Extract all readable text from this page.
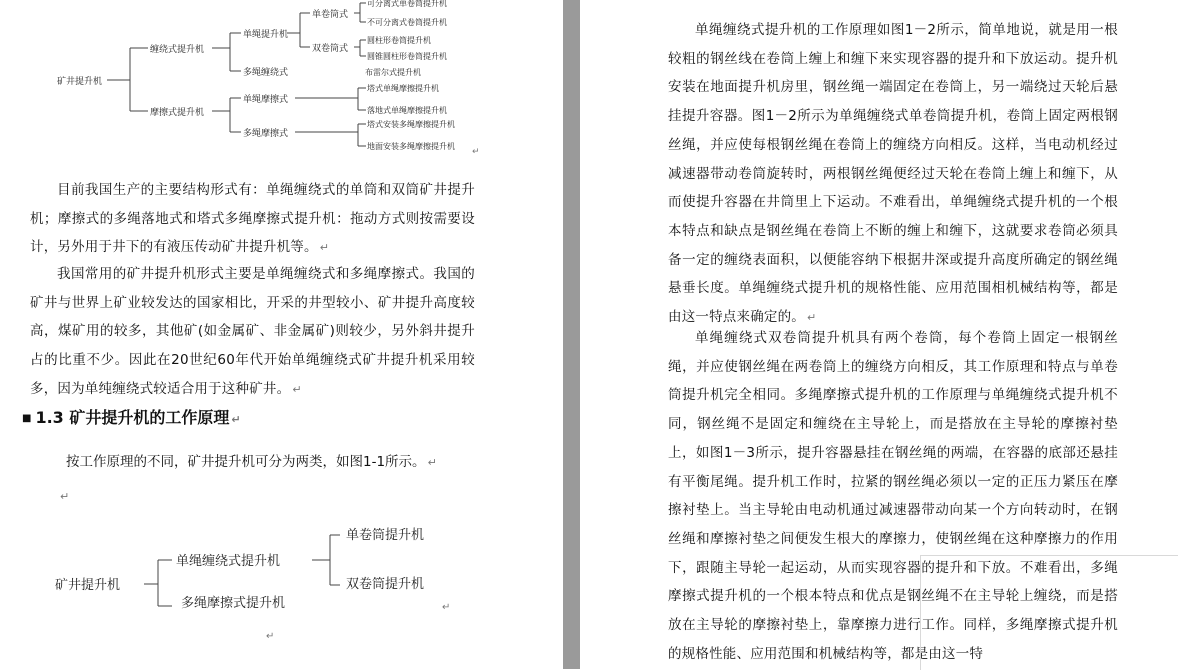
矿井提升机
缠绕式提升机
摩擦式提升机
单绳提升机
多绳缠绕式
单卷筒式
双卷筒式
可分离式单卷筒提升机
不可分离式卷筒提升机
圆柱形卷筒提升机
圆锥圆柱形卷筒提升机
布雷尔式提升机
单绳摩擦式
多绳摩擦式
塔式单绳摩擦提升机
落地式单绳摩擦提升机
塔式安装多绳摩擦提升机
地面安装多绳摩擦提升机
↵

目前我国生产的主要结构形式有：单绳缠绕式的单筒和双筒矿井提升机；摩擦式的多绳落地式和塔式多绳摩擦式提升机：拖动方式则按需要设计，另外用于井下的有液压传动矿井提升机等。 ↵

我国常用的矿井提升机形式主要是单绳缠绕式和多绳摩擦式。我国的矿井与世界上矿业较发达的国家相比，开采的井型较小、矿井提升高度较高，煤矿用的较多，其他矿(如金属矿、非金属矿)则较少，另外斜井提升占的比重不少。因此在20世纪60年代开始单绳缠绕式矿井提升机采用较多，因为单纯缠绕式较适合用于这种矿井。 ↵

■ 1.3 矿井提升机的工作原理 ↵

按工作原理的不同，矿井提升机可分为两类，如图1-1所示。 ↵

↵
矿井提升机
单绳缠绕式提升机
多绳摩擦式提升机
单卷筒提升机
双卷筒提升机
↵
↵

单绳缠绕式提升机的工作原理如图1－2所示，简单地说，就是用一根较粗的钢丝线在卷筒上缠上和缠下来实现容器的提升和下放运动。提升机安装在地面提升机房里，钢丝绳一端固定在卷筒上，另一端绕过天轮后悬挂提升容器。图1－2所示为单绳缠绕式单卷筒提升机，卷筒上固定两根钢丝绳，并应使每根钢丝绳在卷筒上的缠绕方向相反。这样，当电动机经过减速器带动卷筒旋转时，两根钢丝绳便经过天轮在卷筒上缠上和缠下，从而使提升容器在井筒里上下运动。不难看出，单绳缠绕式提升机的一个根本特点和缺点是钢丝绳在卷筒上不断的缠上和缠下，这就要求卷筒必须具备一定的缠绕表面积，以便能容纳下根据井深或提升高度所确定的钢丝绳悬垂长度。单绳缠绕式提升机的规格性能、应用范围相机械结构等，都是由这一特点来确定的。 ↵

单绳缠绕式双卷筒提升机具有两个卷筒，每个卷筒上固定一根钢丝绳，并应使钢丝绳在两卷筒上的缠绕方向相反，其工作原理和特点与单卷筒提升机完全相同。多绳摩擦式提升机的工作原理与单绳缠绕式提升机不同，钢丝绳不是固定和缠绕在主导轮上，而是搭放在主导轮的摩擦衬垫上，如图1－3所示，提升容器悬挂在钢丝绳的两端，在容器的底部还悬挂有平衡尾绳。提升机工作时，拉紧的钢丝绳必须以一定的正压力紧压在摩擦衬垫上。当主导轮由电动机通过减速器带动向某一个方向转动时，在钢丝绳和摩擦衬垫之间便发生根大的摩擦力，使钢丝绳在这种摩擦力的作用下，跟随主导轮一起运动，从而实现容器的提升和下放。不难看出，多绳摩擦式提升机的一个根本特点和优点是钢丝绳不在主导轮上缠绕，而是搭放在主导轮的摩擦衬垫上，靠摩擦力进行工作。同样，多绳摩擦式提升机的规格性能、应用范围和机械结构等，都是由这一特
